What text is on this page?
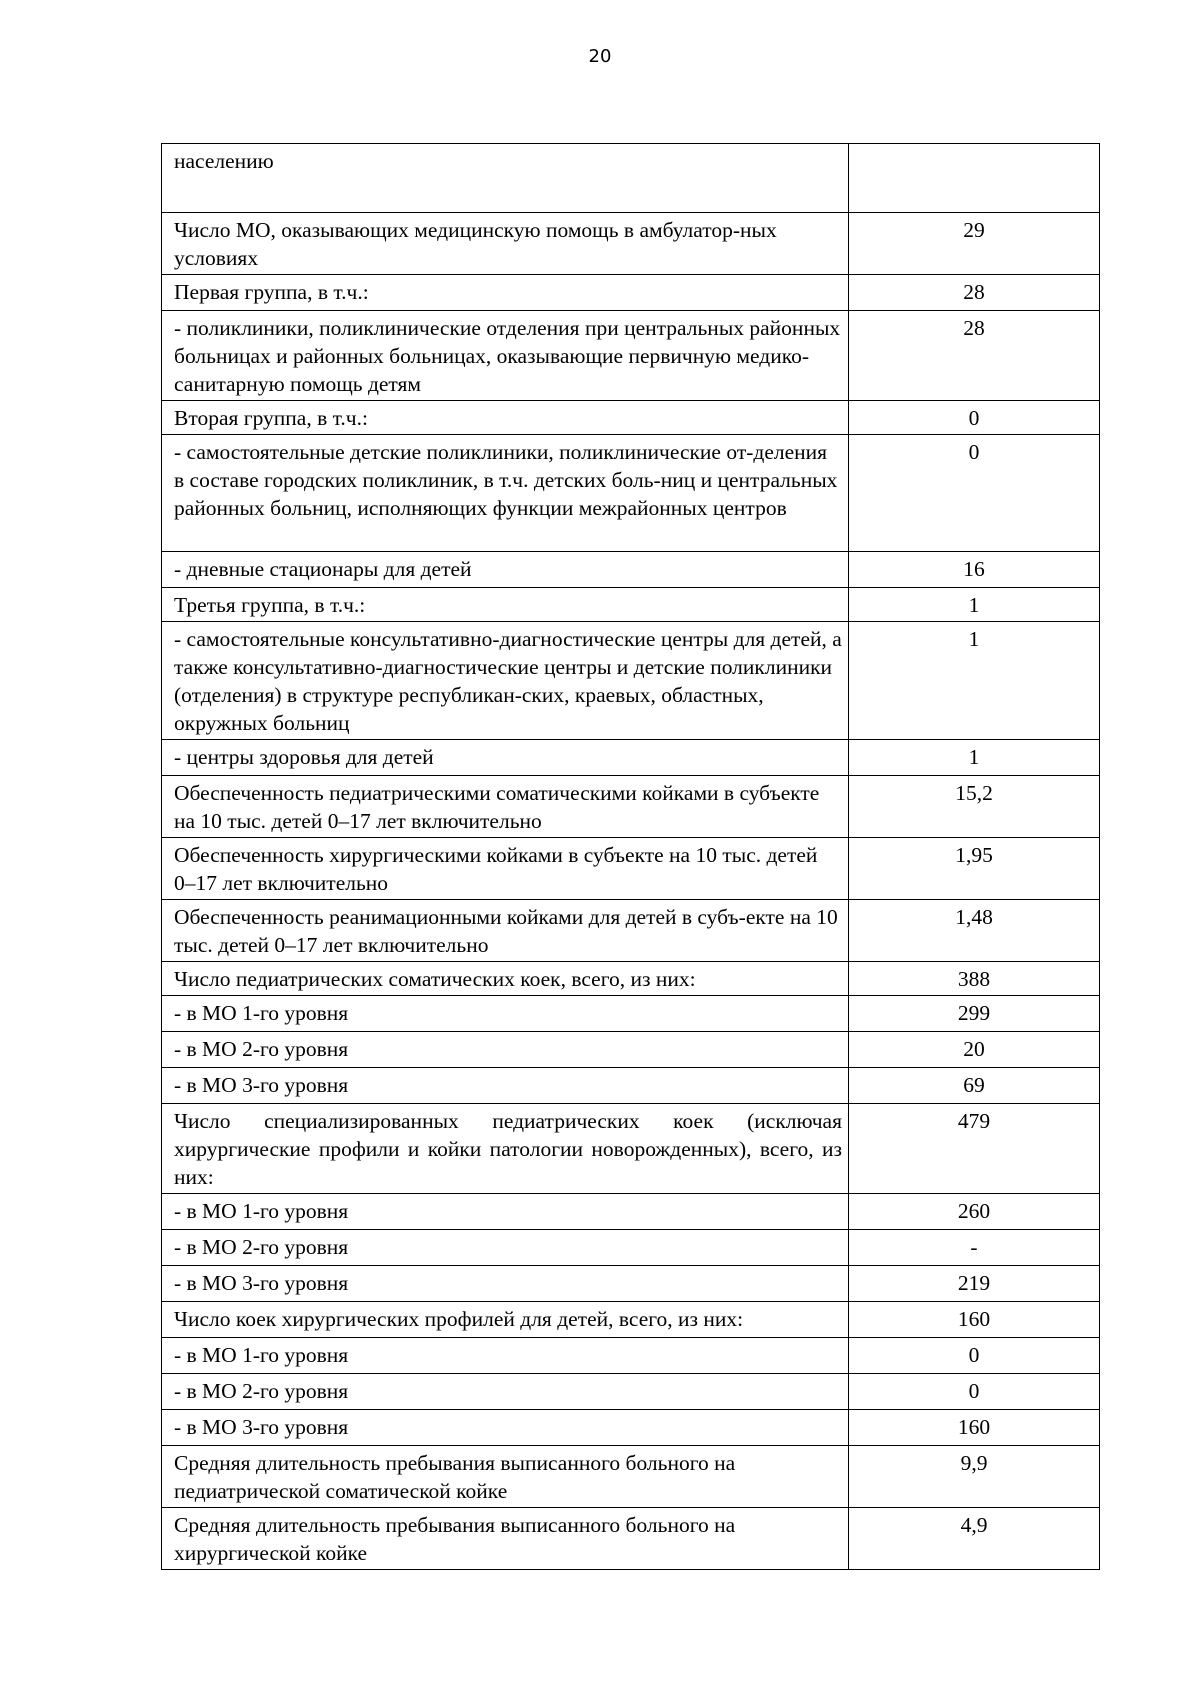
20
населению	
Число МО, оказывающих медицинскую помощь в амбулатор-ных условиях	29
Первая группа, в т.ч.:	28
- поликлиники, поликлинические отделения при центральных районных больницах и районных больницах, оказывающие первичную медико-санитарную помощь детям	28
Вторая группа, в т.ч.:	0
- самостоятельные детские поликлиники, поликлинические от-деления в составе городских поликлиник, в т.ч. детских боль-ниц и центральных районных больниц, исполняющих функции межрайонных центров	0
- дневные стационары для детей	16
Третья группа, в т.ч.:	1
- самостоятельные консультативно-диагностические центры для детей, а также консультативно-диагностические центры и детские поликлиники (отделения) в структуре республикан-ских, краевых, областных, окружных больниц	1
- центры здоровья для детей	1
Обеспеченность педиатрическими соматическими койками в субъекте на 10 тыс. детей 0–17 лет включительно	15,2
Обеспеченность хирургическими койками в субъекте на 10 тыс. детей 0–17 лет включительно	1,95
Обеспеченность реанимационными койками для детей в субъ-екте на 10 тыс. детей 0–17 лет включительно	1,48
Число педиатрических соматических коек, всего, из них:	388
- в МО 1-го уровня	299
- в МО 2-го уровня	20
- в МО 3-го уровня	69
Число специализированных педиатрических коек (исключая хирургические профили и койки патологии новорожденных), всего, из них:	479
- в МО 1-го уровня	260
- в МО 2-го уровня	-
- в МО 3-го уровня	219
Число коек хирургических профилей для детей, всего, из них:	160
- в МО 1-го уровня	0
- в МО 2-го уровня	0
- в МО 3-го уровня	160
Средняя длительность пребывания выписанного больного на педиатрической соматической койке	9,9
Средняя длительность пребывания выписанного больного на хирургической койке	4,9
